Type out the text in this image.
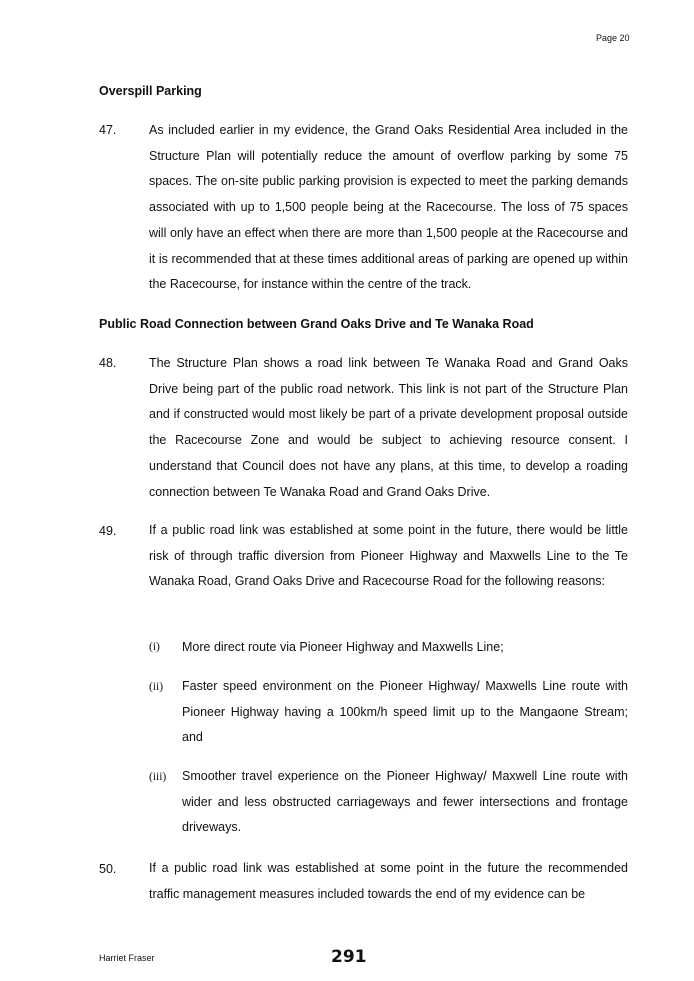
Page 20
Overspill Parking
47.	As included earlier in my evidence, the Grand Oaks Residential Area included in the Structure Plan will potentially reduce the amount of overflow parking by some 75 spaces. The on-site public parking provision is expected to meet the parking demands associated with up to 1,500 people being at the Racecourse. The loss of 75 spaces will only have an effect when there are more than 1,500 people at the Racecourse and it is recommended that at these times additional areas of parking are opened up within the Racecourse, for instance within the centre of the track.
Public Road Connection between Grand Oaks Drive and Te Wanaka Road
48.	The Structure Plan shows a road link between Te Wanaka Road and Grand Oaks Drive being part of the public road network. This link is not part of the Structure Plan and if constructed would most likely be part of a private development proposal outside the Racecourse Zone and would be subject to achieving resource consent. I understand that Council does not have any plans, at this time, to develop a roading connection between Te Wanaka Road and Grand Oaks Drive.
49.	If a public road link was established at some point in the future, there would be little risk of through traffic diversion from Pioneer Highway and Maxwells Line to the Te Wanaka Road, Grand Oaks Drive and Racecourse Road for the following reasons:
(i) More direct route via Pioneer Highway and Maxwells Line;
(ii) Faster speed environment on the Pioneer Highway/ Maxwells Line route with Pioneer Highway having a 100km/h speed limit up to the Mangaone Stream; and
(iii) Smoother travel experience on the Pioneer Highway/ Maxwell Line route with wider and less obstructed carriageways and fewer intersections and frontage driveways.
50.	If a public road link was established at some point in the future the recommended traffic management measures included towards the end of my evidence can be
Harriet Fraser	291
